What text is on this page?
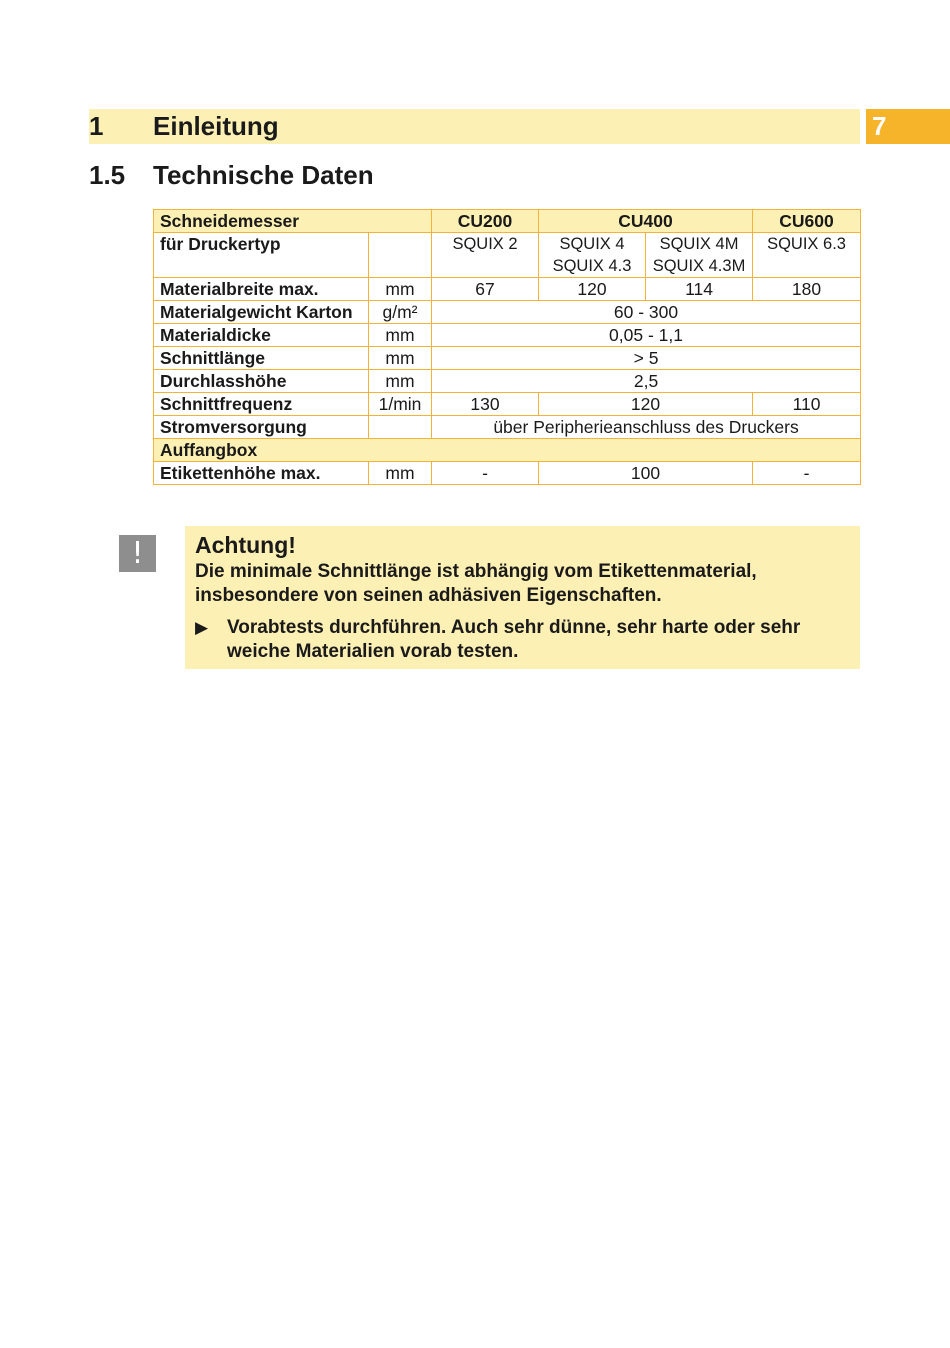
1	Einleitung	7
1.5	Technische Daten
Schneidemesser		CU200	CU400		CU600
für Druckertyp		SQUIX 2	SQUIX 4 SQUIX 4.3	SQUIX 4M SQUIX 4.3M	SQUIX 6.3
Materialbreite max.	mm	67	120	114	180
Materialgewicht Karton	g/m²	60 - 300			
Materialdicke	mm	0,05 - 1,1			
Schnittlänge	mm	> 5			
Durchlasshöhe	mm	2,5			
Schnittfrequenz	1/min	130	120		110
Stromversorgung		über Peripherieanschluss des Druckers			
Auffangbox					
Etikettenhöhe max.	mm	-	100		-
!	Achtung!
Die minimale Schnittlänge ist abhängig vom Etikettenmaterial, insbesondere von seinen adhäsiven Eigenschaften.
▶ Vorabtests durchführen. Auch sehr dünne, sehr harte oder sehr weiche Materialien vorab testen.
